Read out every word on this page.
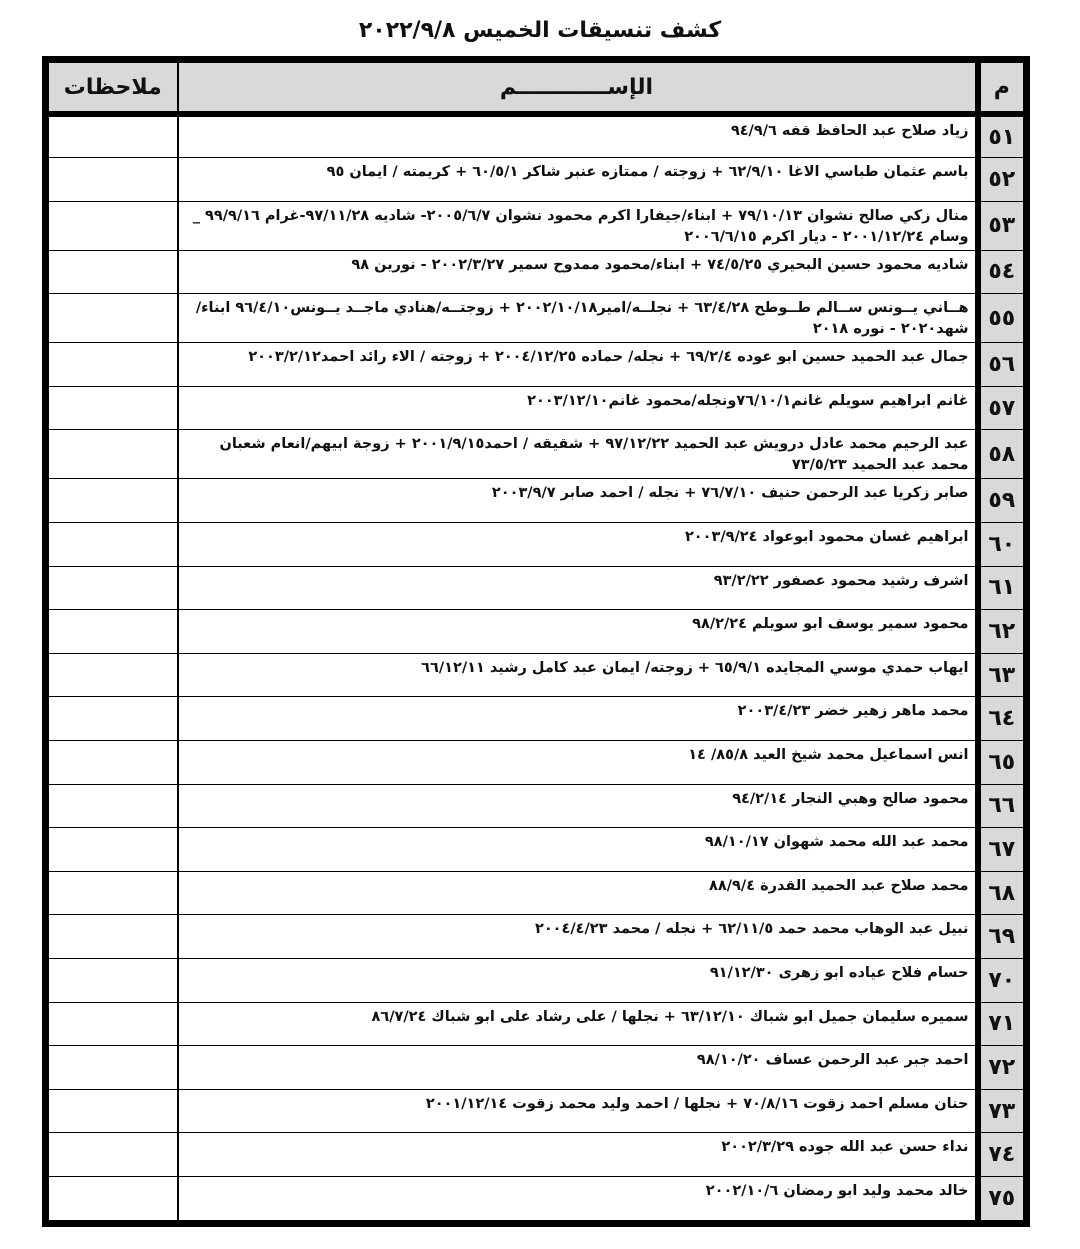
كشف تنسيقات الخميس ٢٠٢٢/٩/٨
م	الإســــــــــــم	ملاحظات
٥١	زياد صلاح عبد الحافظ قفه ٩٤/٩/٦	
٥٢	باسم عثمان طباسي الاغا ٦٢/٩/١٠ + زوجته / ممتازه عنبر شاكر ٦٠/٥/١ + كريمته / ايمان ٩٥	
٥٣	منال زكي صالح نشوان ٧٩/١٠/١٣ + ابناء/جيفارا اكرم محمود نشوان ٢٠٠٥/٦/٧- شاديه ٩٧/١١/٢٨-غرام ٩٩/٩/١٦ _ وسام ٢٠٠١/١٢/٢٤ - ديار اكرم ٢٠٠٦/٦/١٥	
٥٤	شاديه محمود حسين البحيري ٧٤/٥/٢٥ + ابناء/محمود ممدوح سمير ٢٠٠٢/٣/٢٧ - نورين ٩٨	
٥٥	هــاني يــونس ســالم طــوطح ٦٣/٤/٢٨ + نجلــه/امير٢٠٠٢/١٠/١٨ + زوجتــه/هنادي ماجــد يــونس٩٦/٤/١٠ ابناء/شهد٢٠٢٠ - نوره ٢٠١٨	
٥٦	جمال عبد الحميد حسين ابو عوده ٦٩/٢/٤ + نجله/ حماده ٢٠٠٤/١٢/٢٥ + زوجته / الاء رائد احمد٢٠٠٣/٢/١٢	
٥٧	غانم ابراهيم سويلم غانم٧٦/١٠/١ونجله/محمود غانم٢٠٠٣/١٢/١٠	
٥٨	عبد الرحيم محمد عادل درويش عبد الحميد ٩٧/١٢/٢٢ + شقيقه / احمد٢٠٠١/٩/١٥ + زوجة ابيهم/انعام شعبان محمد عبد الحميد ٧٣/٥/٢٣	
٥٩	صابر زكريا عبد الرحمن حنيف ٧٦/٧/١٠ + نجله / احمد صابر ٢٠٠٣/٩/٧	
٦٠	ابراهيم غسان محمود ابوعواد ٢٠٠٣/٩/٢٤	
٦١	اشرف رشيد محمود عصفور ٩٣/٢/٢٢	
٦٢	محمود سمير يوسف ابو سويلم ٩٨/٢/٢٤	
٦٣	ايهاب حمدي موسي المجايده ٦٥/٩/١ + زوجته/ ايمان عبد كامل رشيد ٦٦/١٢/١١	
٦٤	محمد ماهر زهير خضر ٢٠٠٣/٤/٢٣	
٦٥	انس اسماعيل محمد شيخ العيد ٨٥/٨/ ١٤	
٦٦	محمود صالح وهبي النجار ٩٤/٢/١٤	
٦٧	محمد عبد الله محمد شهوان ٩٨/١٠/١٧	
٦٨	محمد صلاح عبد الحميد القدرة ٨٨/٩/٤	
٦٩	نبيل عبد الوهاب محمد حمد ٦٢/١١/٥ + نجله / محمد ٢٠٠٤/٤/٢٣	
٧٠	حسام فلاح عياده ابو زهرى ٩١/١٢/٣٠	
٧١	سميره سليمان جميل ابو شباك ٦٣/١٢/١٠ + نجلها / على رشاد على ابو شباك ٨٦/٧/٢٤	
٧٢	احمد جبر عبد الرحمن عساف ٩٨/١٠/٢٠	
٧٣	حنان مسلم احمد زقوت ٧٠/٨/١٦ + نجلها / احمد وليد محمد زقوت ٢٠٠١/١٢/١٤	
٧٤	نداء حسن عبد الله جوده ٢٠٠٢/٣/٢٩	
٧٥	خالد محمد وليد ابو رمضان ٢٠٠٢/١٠/٦	
